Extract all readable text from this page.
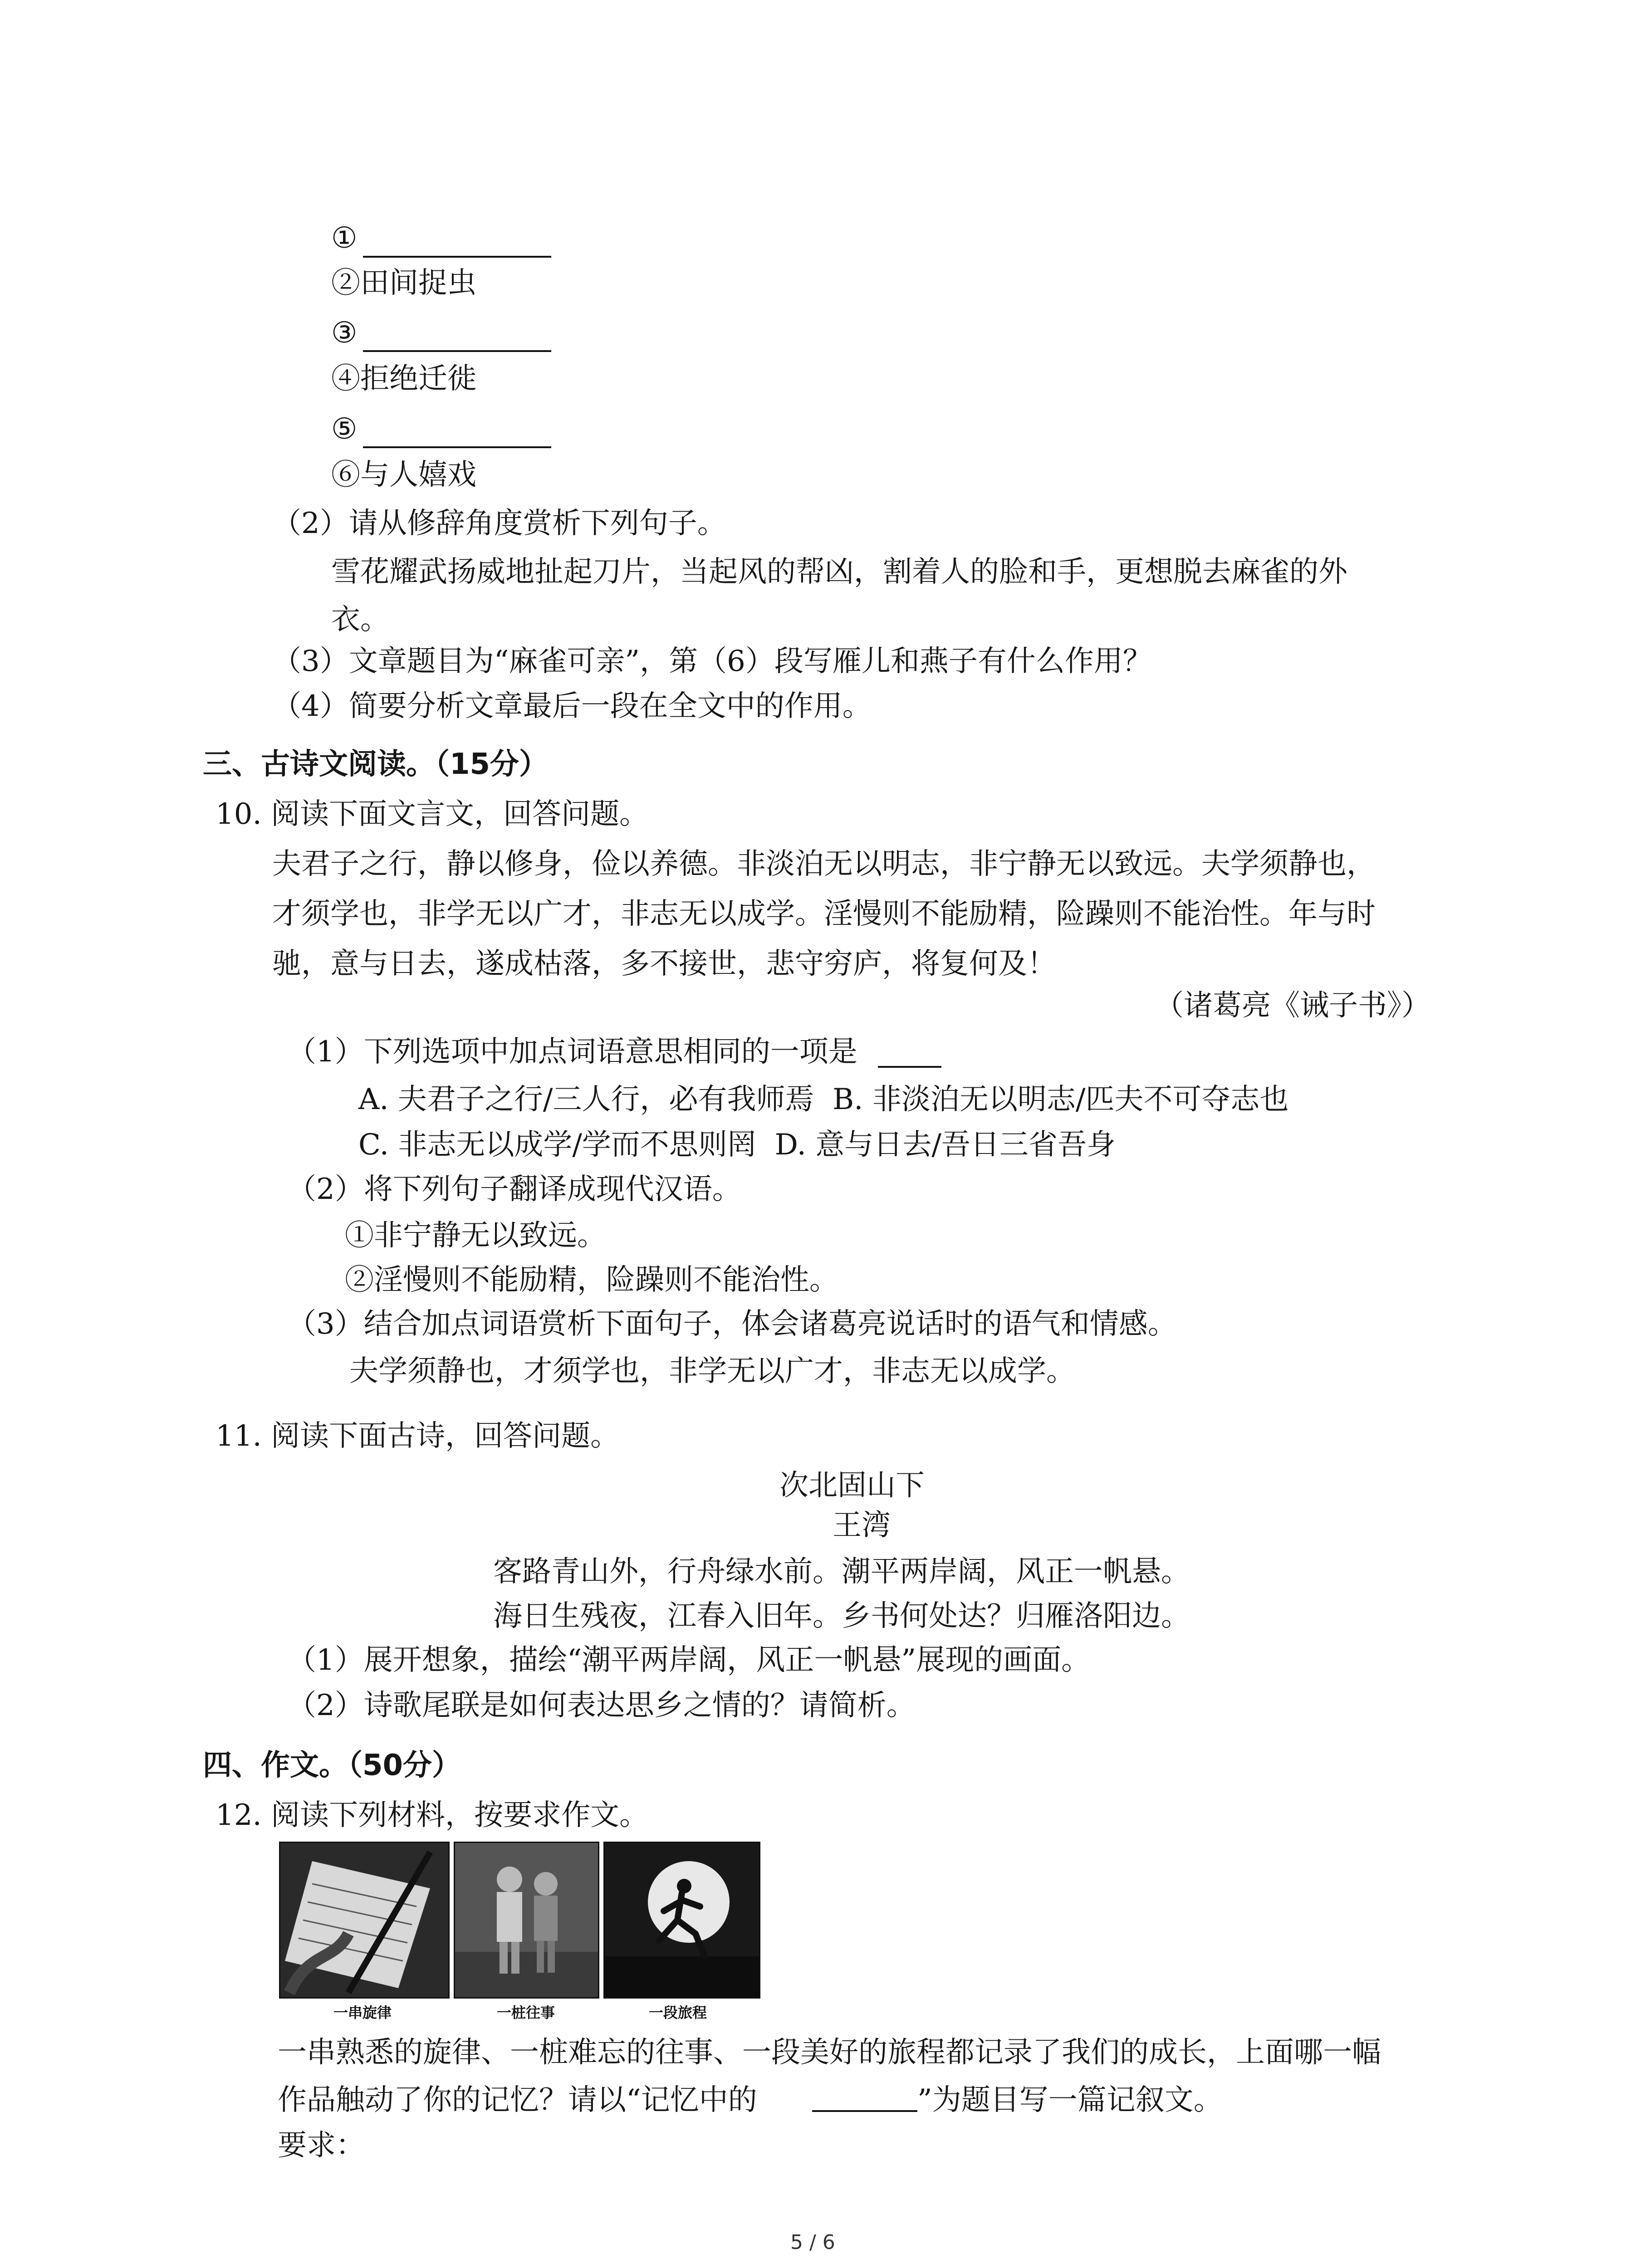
①
②田间捉虫
③
④拒绝迁徙
⑤
⑥与人嬉戏
（2）请从修辞角度赏析下列句子。
雪花耀武扬威地扯起刀片，当起风的帮凶，割着人的脸和手，更想脱去麻雀的外
衣。
（3）文章题目为“麻雀可亲”，第（6）段写雁儿和燕子有什么作用？
（4）简要分析文章最后一段在全文中的作用。
三、古诗文阅读。（15分）
10. 阅读下面文言文，回答问题。
夫君子之行，静以修身，俭以养德。非淡泊无以明志，非宁静无以致远。夫学须静也，
才须学也，非学无以广才，非志无以成学。淫慢则不能励精，险躁则不能治性。年与时
驰，意与日去，遂成枯落，多不接世，悲守穷庐，将复何及！
（诸葛亮《诫子书》）
（1）下列选项中加点词语意思相同的一项是
A. 夫君子之行/三人行，必有我师焉  B. 非淡泊无以明志/匹夫不可夺志也
C. 非志无以成学/学而不思则罔  D. 意与日去/吾日三省吾身
（2）将下列句子翻译成现代汉语。
①非宁静无以致远。
②淫慢则不能励精，险躁则不能治性。
（3）结合加点词语赏析下面句子，体会诸葛亮说话时的语气和情感。
夫学须静也，才须学也，非学无以广才，非志无以成学。
11. 阅读下面古诗，回答问题。
次北固山下
王湾
客路青山外，行舟绿水前。潮平两岸阔，风正一帆悬。
海日生残夜，江春入旧年。乡书何处达？归雁洛阳边。
（1）展开想象，描绘“潮平两岸阔，风正一帆悬”展现的画面。
（2）诗歌尾联是如何表达思乡之情的？请简析。
四、作文。（50分）
12. 阅读下列材料，按要求作文。
一串旋律	一桩往事	一段旅程
一串熟悉的旋律、一桩难忘的往事、一段美好的旅程都记录了我们的成长，上面哪一幅
作品触动了你的记忆？请以“记忆中的	”为题目写一篇记叙文。
要求：
5 / 6
